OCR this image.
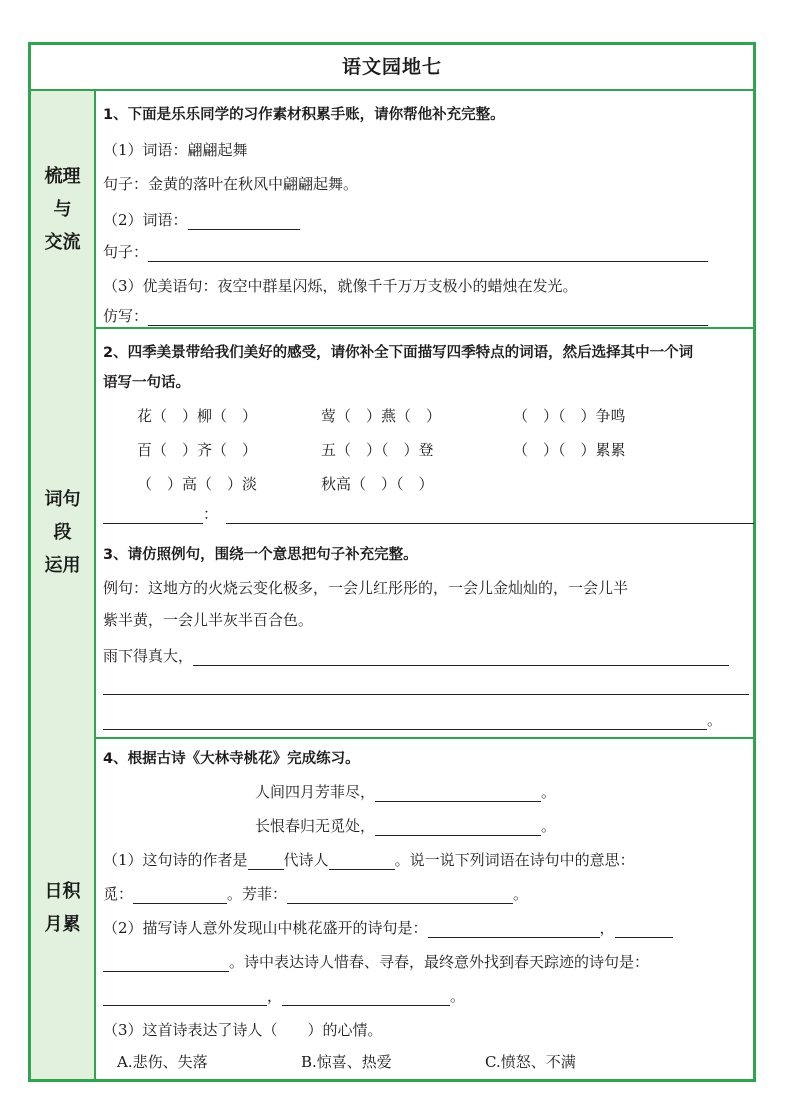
语文园地七
梳理
与
交流
1、下面是乐乐同学的习作素材积累手账，请你帮他补充完整。
（1）词语：翩翩起舞
句子：金黄的落叶在秋风中翩翩起舞。
（2）词语：
句子：
（3）优美语句：夜空中群星闪烁，就像千千万万支极小的蜡烛在发光。
仿写：
词句
段
运用
2、四季美景带给我们美好的感受，请你补全下面描写四季特点的词语，然后选择其中一个词
语写一句话。
花（　）柳（　）	莺（　）燕（　）	（　）（　）争鸣
百（　）齐（　）	五（　）（　）登	（　）（　）累累
（　）高（　）淡	秋高（　）（　）
：
3、请仿照例句，围绕一个意思把句子补充完整。
例句：这地方的火烧云变化极多，一会儿红彤彤的，一会儿金灿灿的，一会儿半
紫半黄，一会儿半灰半百合色。
雨下得真大，
。
日积
月累
4、根据古诗《大林寺桃花》完成练习。
人间四月芳菲尽，	。
长恨春归无觅处，	。
（1）这句诗的作者是 代诗人	。说一说下列词语在诗句中的意思：
觅：	。芳菲：	。
（2）描写诗人意外发现山中桃花盛开的诗句是：	，
。诗中表达诗人惜春、寻春，最终意外找到春天踪迹的诗句是：
，	。
（3）这首诗表达了诗人（　　）的心情。
A.悲伤、失落	B.惊喜、热爱	C.愤怒、不满
